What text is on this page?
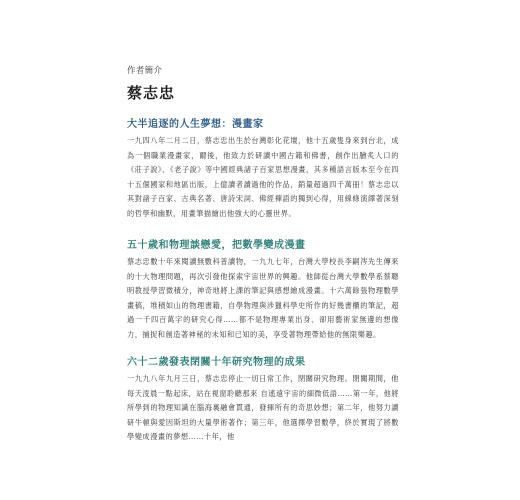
作者簡介

蔡志忠
大半追逐的人生夢想：漫畫家

一九四八年二月二日，蔡志忠出生於台灣彰化花壇，他十五歲隻身來到台北，成為一個職業漫畫家，爾後，他致力於研讀中國古籍和佛書，創作出膾炙人口的《莊子說》、《老子說》等中國經典諸子百家思想漫畫，其多種語言版本至今在四十五個國家和地區出版，上億讀者讀過他的作品，銷量超過四千萬冊！蔡志忠以其對諸子百家、古典名著、唐詩宋詞、佛經禪語的獨到心得，用線條演繹著深刻的哲學和幽默，用畫筆描繪出他強大的心靈世界。

五十歲和物理談戀愛，把數學變成漫畫

蔡志忠數十年來閱讀無數科普讀物，一九九七年，台灣大學校長李嗣涔先生傳來的十大物理問題，再次引發他探索宇宙世界的興趣。他師從台灣大學數學系蔡聰明教授學習微積分，神奇地將上課的筆記與感想繪成漫畫。十六萬餘張物理數學畫稿，堆積如山的物理書籍，自學物理與涉獵科學史所作的好幾書櫃的筆記，超過一千四百萬字的研究心得……都不是物理專業出身、卻用藝術家無邊的想像力，捕捉和創造著神秘的未知和已知的美，享受著物理帶給他的無限樂趣。

六十二歲發表閉關十年研究物理的成果

一九九八年九月三日，蔡志忠停止一切日常工作，閉關研究物理。閉關期間，他每天淩晨一點起床，站在視窗聆聽那來 自遙遠宇宙的細微低語……第一年，他將所學到的物理知識在腦海裏融會貫通，發揮所有的奇思妙想；第二年，他努力讀研牛頓與愛因斯坦的大量學術著作；第三年，他選擇學習數學，終於實現了將數學變成漫畫的夢想……十年，他
